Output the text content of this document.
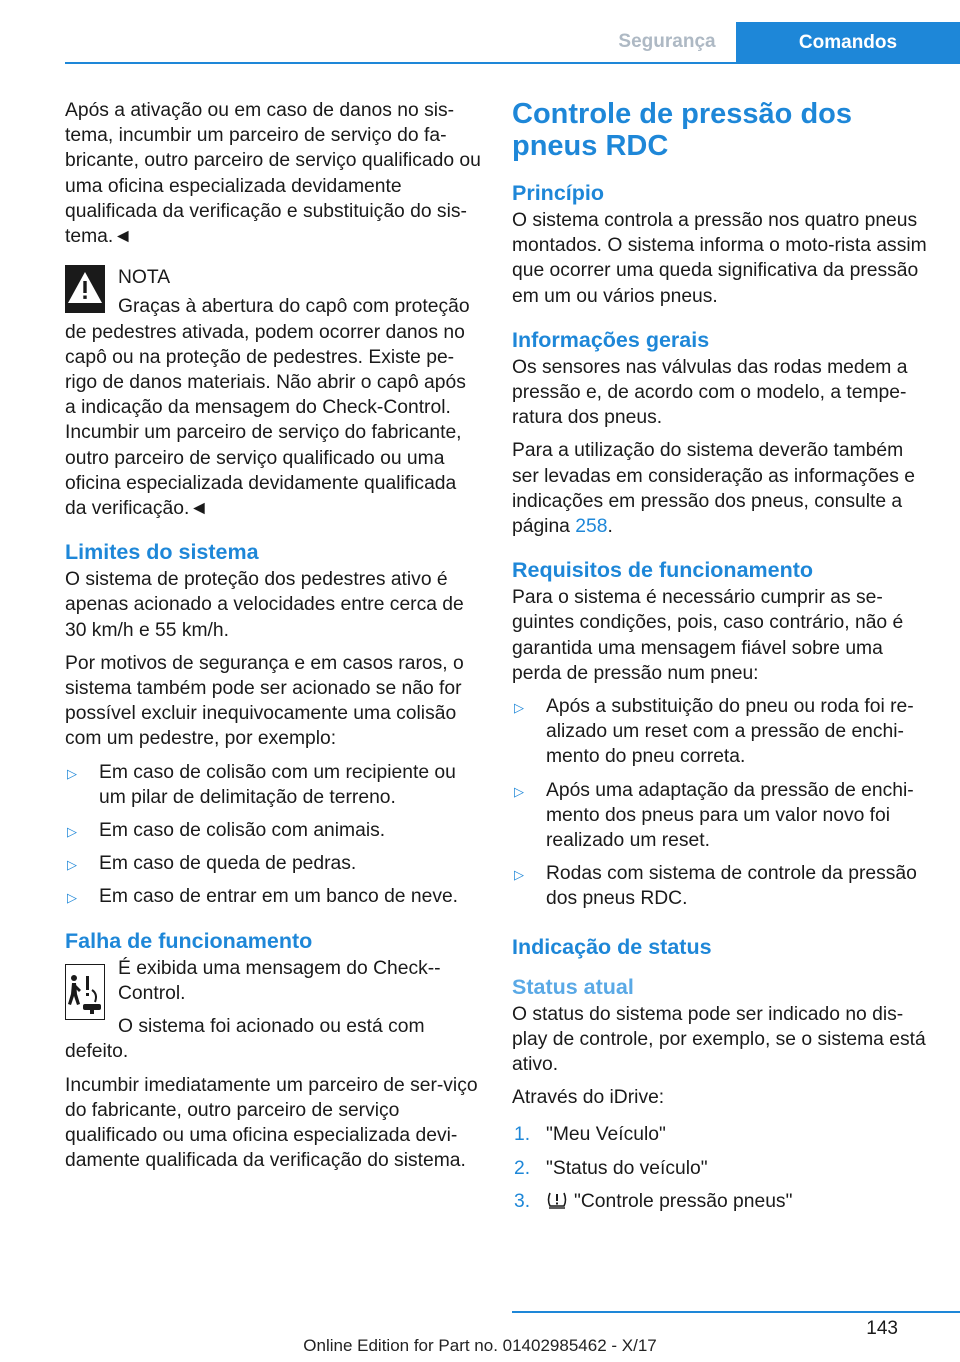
Segurança	Comandos

Após a ativação ou em caso de danos no sis-tema, incumbir um parceiro de serviço do fa-bricante, outro parceiro de serviço qualificado ou uma oficina especializada devidamente qualificada da verificação e substituição do sis-tema.◄

NOTA

Graças à abertura do capô com proteção de pedestres ativada, podem ocorrer danos no capô ou na proteção de pedestres. Existe pe-rigo de danos materiais. Não abrir o capô após a indicação da mensagem do Check-Control. Incumbir um parceiro de serviço do fabricante, outro parceiro de serviço qualificado ou uma oficina especializada devidamente qualificada da verificação.◄

Limites do sistema

O sistema de proteção dos pedestres ativo é apenas acionado a velocidades entre cerca de 30 km/h e 55 km/h.

Por motivos de segurança e em casos raros, o sistema também pode ser acionado se não for possível excluir inequivocamente uma colisão com um pedestre, por exemplo:

▷ Em caso de colisão com um recipiente ou um pilar de delimitação de terreno.
▷ Em caso de colisão com animais.
▷ Em caso de queda de pedras.
▷ Em caso de entrar em um banco de neve.
Falha de funcionamento

É exibida uma mensagem do Check--Control.

O sistema foi acionado ou está com defeito.

Incumbir imediatamente um parceiro de ser-viço do fabricante, outro parceiro de serviço qualificado ou uma oficina especializada devi-damente qualificada da verificação do sistema.

Controle de pressão dos pneus RDC
Princípio

O sistema controla a pressão nos quatro pneus montados. O sistema informa o moto-rista assim que ocorrer uma queda significativa da pressão em um ou vários pneus.

Informações gerais

Os sensores nas válvulas das rodas medem a pressão e, de acordo com o modelo, a tempe-ratura dos pneus.

Para a utilização do sistema deverão também ser levadas em consideração as informações e indicações em pressão dos pneus, consulte a página 258.

Requisitos de funcionamento

Para o sistema é necessário cumprir as se-guintes condições, pois, caso contrário, não é garantida uma mensagem fiável sobre uma perda de pressão num pneu:

▷ Após a substituição do pneu ou roda foi re-alizado um reset com a pressão de enchi-mento do pneu correta.
▷ Após uma adaptação da pressão de enchi-mento dos pneus para um valor novo foi realizado um reset.
▷ Rodas com sistema de controle da pressão dos pneus RDC.
Indicação de status
Status atual

O status do sistema pode ser indicado no dis-play de controle, por exemplo, se o sistema está ativo.

Através do iDrive:

1. "Meu Veículo"
2. "Status do veículo"
3. "Controle pressão pneus"
143
Online Edition for Part no. 01402985462 - X/17
